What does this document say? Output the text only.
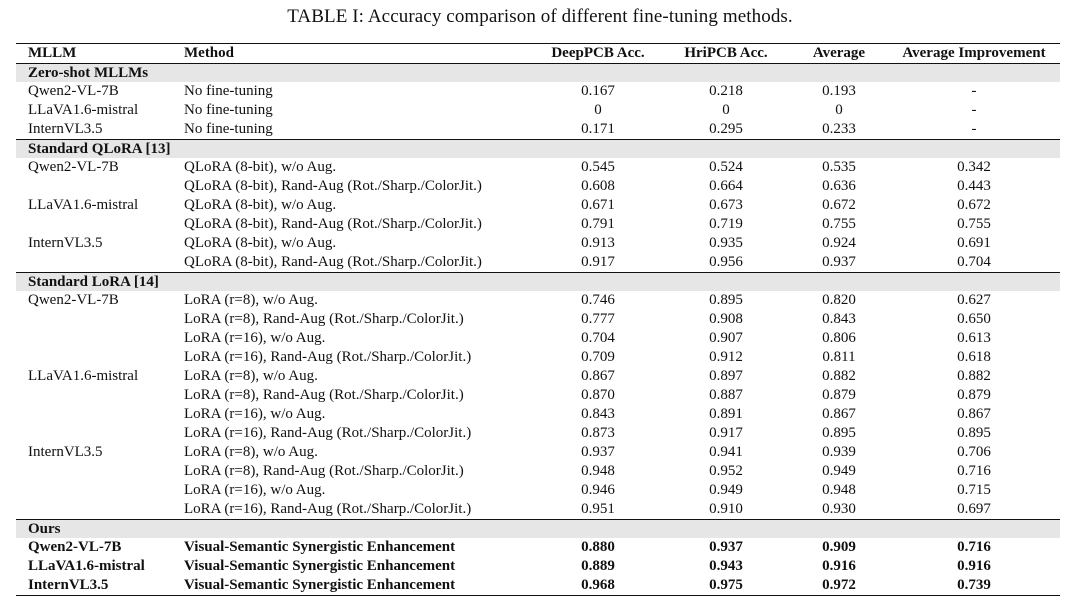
TABLE I: Accuracy comparison of different fine-tuning methods.
MLLM	Method	DeepPCB Acc.	HriPCB Acc.	Average	Average Improvement
Zero-shot MLLMs					
Qwen2-VL-7B	No fine-tuning	0.167	0.218	0.193	-
LLaVA1.6-mistral	No fine-tuning	0	0	0	-
InternVL3.5	No fine-tuning	0.171	0.295	0.233	-
Standard QLoRA [13]					
Qwen2-VL-7B	QLoRA (8-bit), w/o Aug.	0.545	0.524	0.535	0.342
	QLoRA (8-bit), Rand-Aug (Rot./Sharp./ColorJit.)	0.608	0.664	0.636	0.443
LLaVA1.6-mistral	QLoRA (8-bit), w/o Aug.	0.671	0.673	0.672	0.672
	QLoRA (8-bit), Rand-Aug (Rot./Sharp./ColorJit.)	0.791	0.719	0.755	0.755
InternVL3.5	QLoRA (8-bit), w/o Aug.	0.913	0.935	0.924	0.691
	QLoRA (8-bit), Rand-Aug (Rot./Sharp./ColorJit.)	0.917	0.956	0.937	0.704
Standard LoRA [14]					
Qwen2-VL-7B	LoRA (r=8), w/o Aug.	0.746	0.895	0.820	0.627
	LoRA (r=8), Rand-Aug (Rot./Sharp./ColorJit.)	0.777	0.908	0.843	0.650
	LoRA (r=16), w/o Aug.	0.704	0.907	0.806	0.613
	LoRA (r=16), Rand-Aug (Rot./Sharp./ColorJit.)	0.709	0.912	0.811	0.618
LLaVA1.6-mistral	LoRA (r=8), w/o Aug.	0.867	0.897	0.882	0.882
	LoRA (r=8), Rand-Aug (Rot./Sharp./ColorJit.)	0.870	0.887	0.879	0.879
	LoRA (r=16), w/o Aug.	0.843	0.891	0.867	0.867
	LoRA (r=16), Rand-Aug (Rot./Sharp./ColorJit.)	0.873	0.917	0.895	0.895
InternVL3.5	LoRA (r=8), w/o Aug.	0.937	0.941	0.939	0.706
	LoRA (r=8), Rand-Aug (Rot./Sharp./ColorJit.)	0.948	0.952	0.949	0.716
	LoRA (r=16), w/o Aug.	0.946	0.949	0.948	0.715
	LoRA (r=16), Rand-Aug (Rot./Sharp./ColorJit.)	0.951	0.910	0.930	0.697
Ours					
Qwen2-VL-7B	Visual-Semantic Synergistic Enhancement	0.880	0.937	0.909	0.716
LLaVA1.6-mistral	Visual-Semantic Synergistic Enhancement	0.889	0.943	0.916	0.916
InternVL3.5	Visual-Semantic Synergistic Enhancement	0.968	0.975	0.972	0.739
